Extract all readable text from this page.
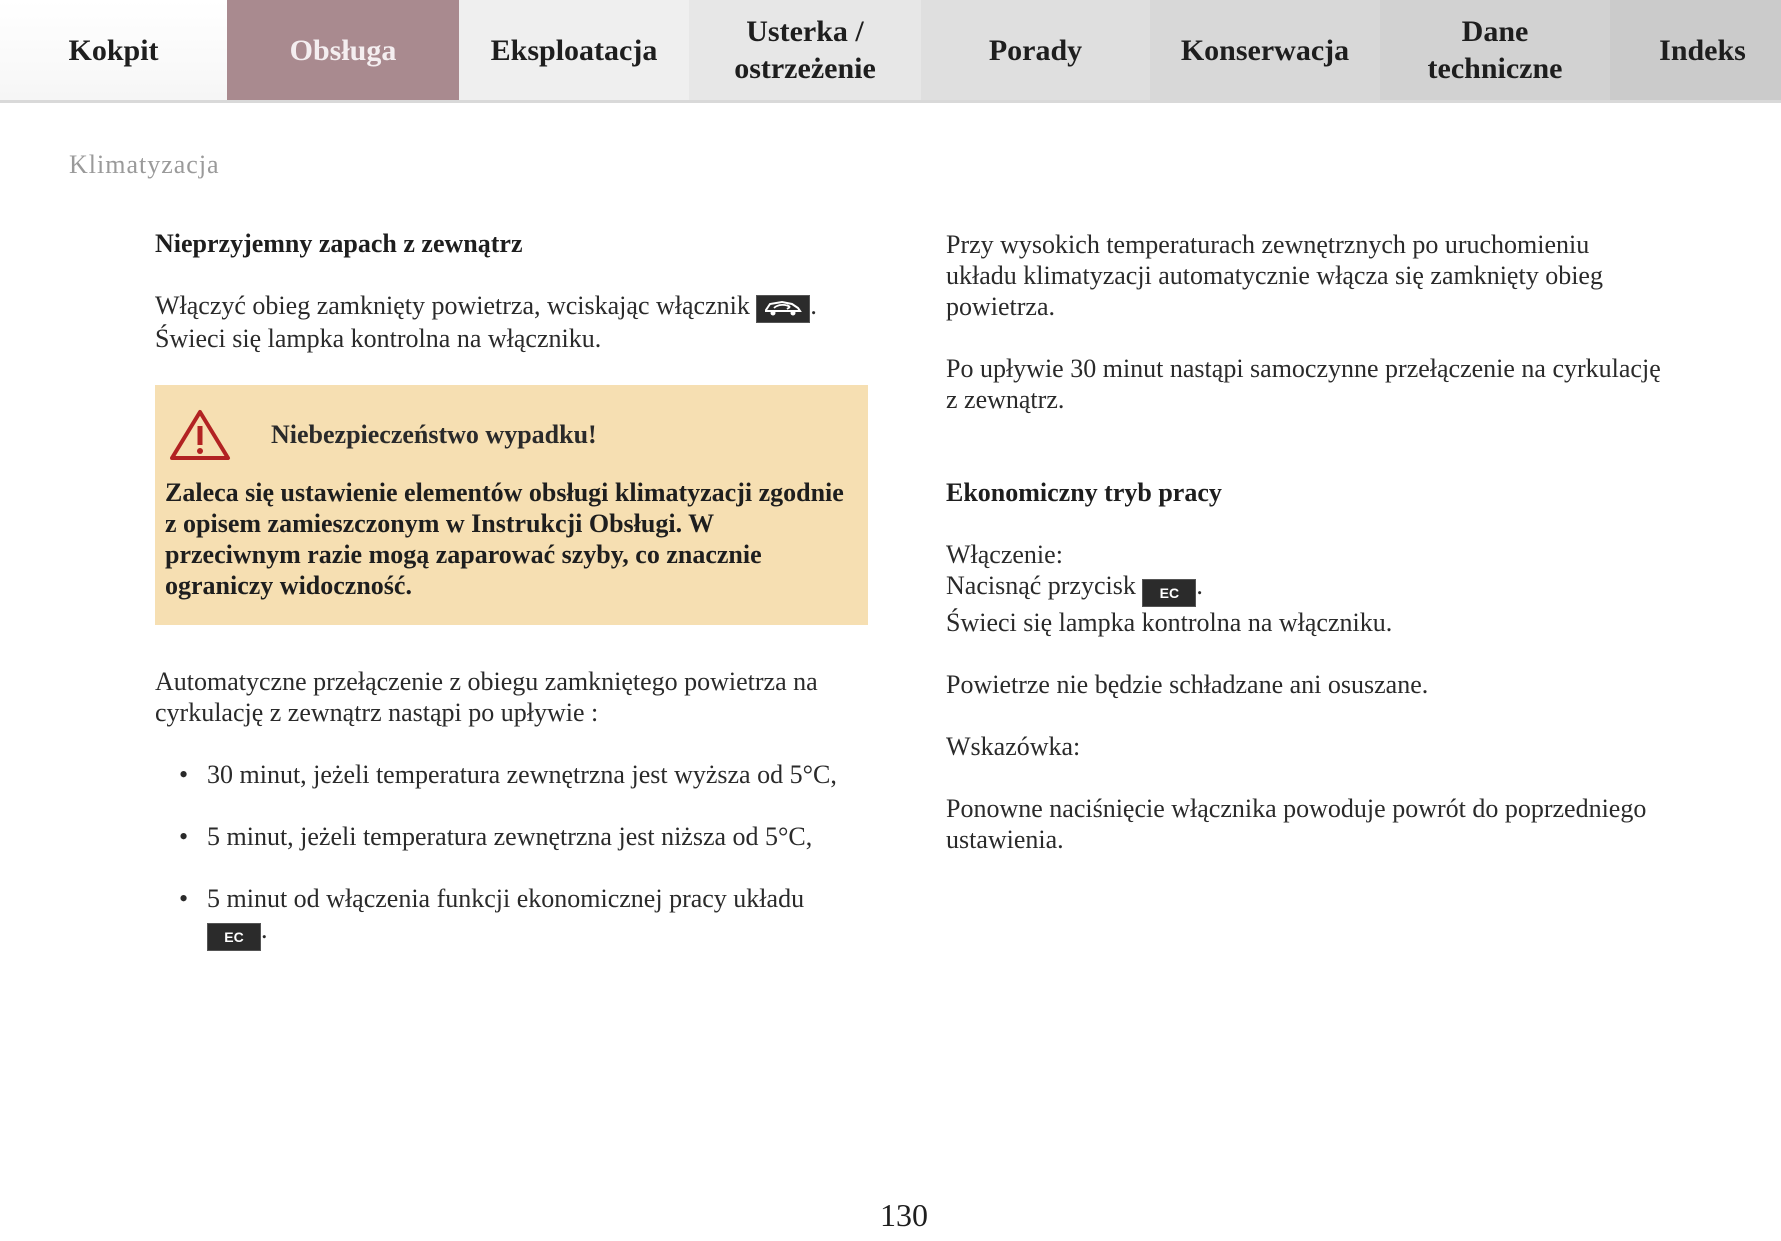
Kokpit	Obsługa	Eksploatacja
Usterka /
ostrzeżenie
Porady	Konserwacja
Dane
techniczne
Indeks
Klimatyzacja
Nieprzyjemny zapach z zewnątrz

Włączyć obieg zamknięty powietrza, wciskając włącznik .
Świeci się lampka kontrolna na włączniku.

Niebezpieczeństwo wypadku!
Zaleca się ustawienie elementów obsługi klimatyzacji zgodnie z opisem zamieszczonym w Instrukcji Obsługi. W przeciwnym razie mogą zaparować szyby, co znacznie ograniczy widoczność.

Automatyczne przełączenie z obiegu zamkniętego powietrza na cyrkulację z zewnątrz nastąpi po upływie :

• 30 minut, jeżeli temperatura zewnętrzna jest wyższa od 5°C,
• 5 minut, jeżeli temperatura zewnętrzna jest niższa od 5°C,
• 5 minut od włączenia funkcji ekonomicznej pracy układu
EC .

Przy wysokich temperaturach zewnętrznych po uruchomieniu układu klimatyzacji automatycznie włącza się zamknięty obieg powietrza.

Po upływie 30 minut nastąpi samoczynne przełączenie na cyrkulację z zewnątrz.

Ekonomiczny tryb pracy

Włączenie:

Nacisnąć przycisk EC .

Świeci się lampka kontrolna na włączniku.

Powietrze nie będzie schładzane ani osuszane.

Wskazówka:

Ponowne naciśnięcie włącznika powoduje powrót do poprzedniego ustawienia.

130
